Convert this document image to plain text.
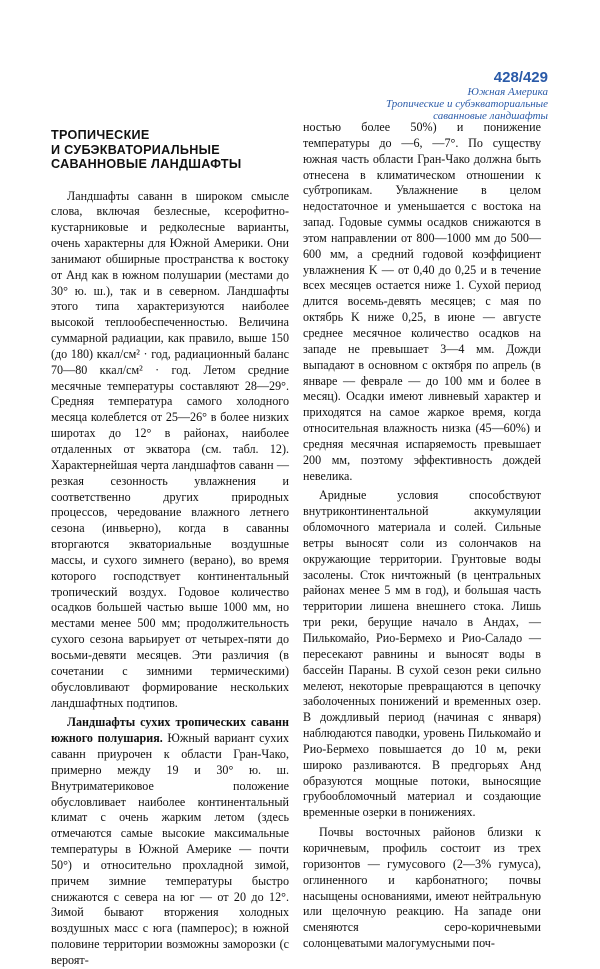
428/429
Южная Америка
Тропические и субэкваториальные
саванновые ландшафты
ТРОПИЧЕСКИЕ
И СУБЭКВАТОРИАЛЬНЫЕ
САВАННОВЫЕ ЛАНДШАФТЫ

Ландшафты саванн в широком смысле слова, включая безлесные, ксерофитно-кустарниковые и редколесные варианты, очень характерны для Южной Америки. Они занимают обширные пространства к востоку от Анд как в южном полушарии (местами до 30° ю. ш.), так и в северном. Ландшафты этого типа характеризуются наиболее высокой теплообеспеченностью. Величина суммарной радиации, как правило, выше 150 (до 180) ккал/см² · год, радиационный баланс 70—80 ккал/см² · год. Летом средние месячные температуры составляют 28—29°. Средняя температура самого холодного месяца колеблется от 25—26° в более низких широтах до 12° в районах, наиболее отдаленных от экватора (см. табл. 12). Характернейшая черта ландшафтов саванн — резкая сезонность увлажнения и соответственно других природных процессов, чередование влажного летнего сезона (инвьерно), когда в саванны вторгаются экваториальные воздушные массы, и сухого зимнего (верано), во время которого господствует континентальный тропический воздух. Годовое количество осадков большей частью выше 1000 мм, но местами менее 500 мм; продолжительность сухого сезона варьирует от четырех-пяти до восьми-девяти месяцев. Эти различия (в сочетании с зимними термическими) обусловливают формирование нескольких ландшафтных подтипов.

Ландшафты сухих тропических саванн южного полушария. Южный вариант сухих саванн приурочен к области Гран-Чако, примерно между 19 и 30° ю. ш. Внутриматериковое положение обусловливает наиболее континентальный климат с очень жарким летом (здесь отмечаются самые высокие максимальные температуры в Южной Америке — почти 50°) и относительно прохладной зимой, причем зимние температуры быстро снижаются с севера на юг — от 20 до 12°. Зимой бывают вторжения холодных воздушных масс с юга (памперос); в южной половине территории возможны заморозки (с вероят-

ностью более 50%) и понижение температуры до —6, —7°. По существу южная часть области Гран-Чако должна быть отнесена в климатическом отношении к субтропикам. Увлажнение в целом недостаточное и уменьшается с востока на запад. Годовые суммы осадков снижаются в этом направлении от 800—1000 мм до 500—600 мм, а средний годовой коэффициент увлажнения K — от 0,40 до 0,25 и в течение всех месяцев остается ниже 1. Сухой период длится восемь-девять месяцев; с мая по октябрь K ниже 0,25, в июне — августе среднее месячное количество осадков на западе не превышает 3—4 мм. Дожди выпадают в основном с октября по апрель (в январе — феврале — до 100 мм и более в месяц). Осадки имеют ливневый характер и приходятся на самое жаркое время, когда относительная влажность низка (45—60%) и средняя месячная испаряемость превышает 200 мм, поэтому эффективность дождей невелика.

Аридные условия способствуют внутриконтинентальной аккумуляции обломочного материала и солей. Сильные ветры выносят соли из солончаков на окружающие территории. Грунтовые воды засолены. Сток ничтожный (в центральных районах менее 5 мм в год), и большая часть территории лишена внешнего стока. Лишь три реки, берущие начало в Андах, — Пилькомайо, Рио-Бермехо и Рио-Саладо — пересекают равнины и выносят воды в бассейн Параны. В сухой сезон реки сильно мелеют, некоторые превращаются в цепочку заболоченных понижений и временных озер. В дождливый период (начиная с января) наблюдаются паводки, уровень Пилькомайо и Рио-Бермехо повышается до 10 м, реки широко разливаются. В предгорьях Анд образуются мощные потоки, выносящие грубообломочный материал и создающие временные озерки в понижениях.

Почвы восточных районов близки к коричневым, профиль состоит из трех горизонтов — гумусового (2—3% гумуса), оглиненного и карбонатного; почвы насыщены основаниями, имеют нейтральную или щелочную реакцию. На западе они сменяются серо-коричневыми солонцеватыми малогумусными поч-
